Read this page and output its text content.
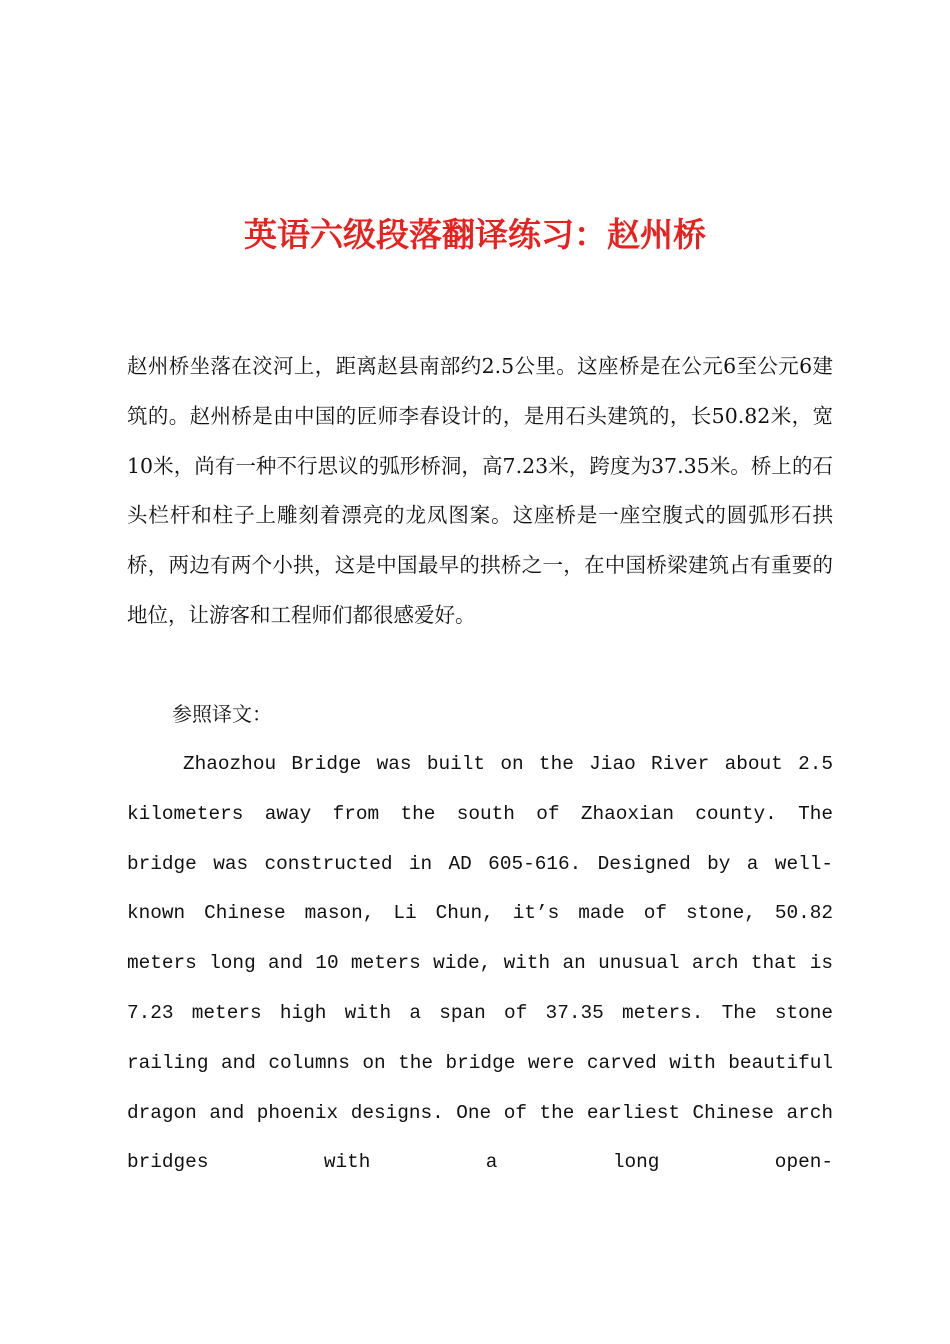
英语六级段落翻译练习：赵州桥
赵州桥坐落在洨河上，距离赵县南部约2.5公里。这座桥是在公元6至公元6建筑的。赵州桥是由中国的匠师李春设计的，是用石头建筑的，长50.82米，宽10米，尚有一种不行思议的弧形桥洞，高7.23米，跨度为37.35米。桥上的石头栏杆和柱子上雕刻着漂亮的龙凤图案。这座桥是一座空腹式的圆弧形石拱桥，两边有两个小拱，这是中国最早的拱桥之一，在中国桥梁建筑占有重要的地位，让游客和工程师们都很感爱好。
参照译文：
Zhaozhou Bridge was built on the Jiao River about 2.5 kilometers away from the south of Zhaoxian county. The bridge was constructed in AD 605-616. Designed by a well-known Chinese mason, Li Chun, it’s made of stone, 50.82 meters long and 10 meters wide, with an unusual arch that is 7.23 meters high with a span of 37.35 meters. The stone railing and columns on the bridge were carved with beautiful dragon and phoenix designs. One of the earliest Chinese arch bridges with a long open-
